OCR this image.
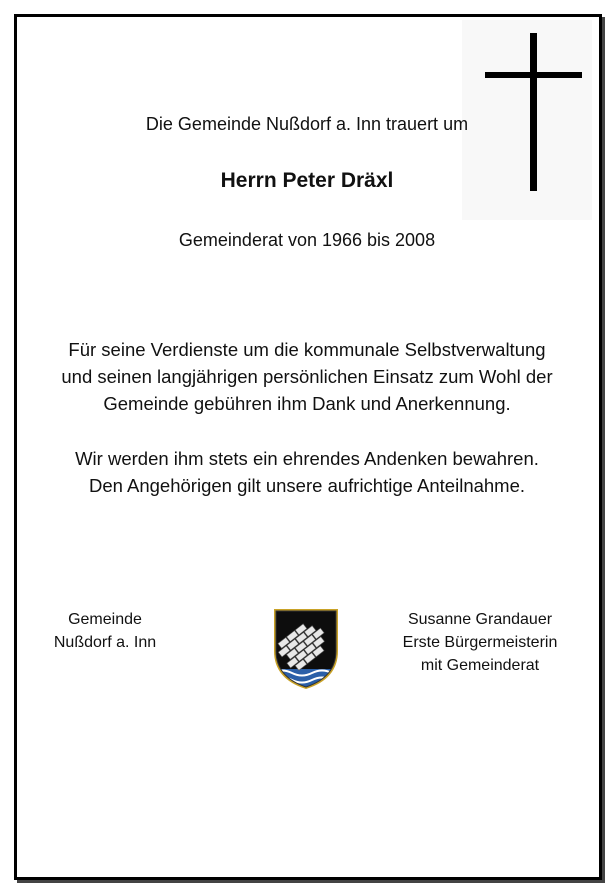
Die Gemeinde Nußdorf a. Inn trauert um
Herrn Peter Dräxl
Gemeinderat von 1966 bis 2008
Für seine Verdienste um die kommunale Selbstverwaltung
und seinen langjährigen persönlichen Einsatz zum Wohl der
Gemeinde gebühren ihm Dank und Anerkennung.
Wir werden ihm stets ein ehrendes Andenken bewahren.
Den Angehörigen gilt unsere aufrichtige Anteilnahme.
Gemeinde
Nußdorf a. Inn
Susanne Grandauer
Erste Bürgermeisterin
mit Gemeinderat
